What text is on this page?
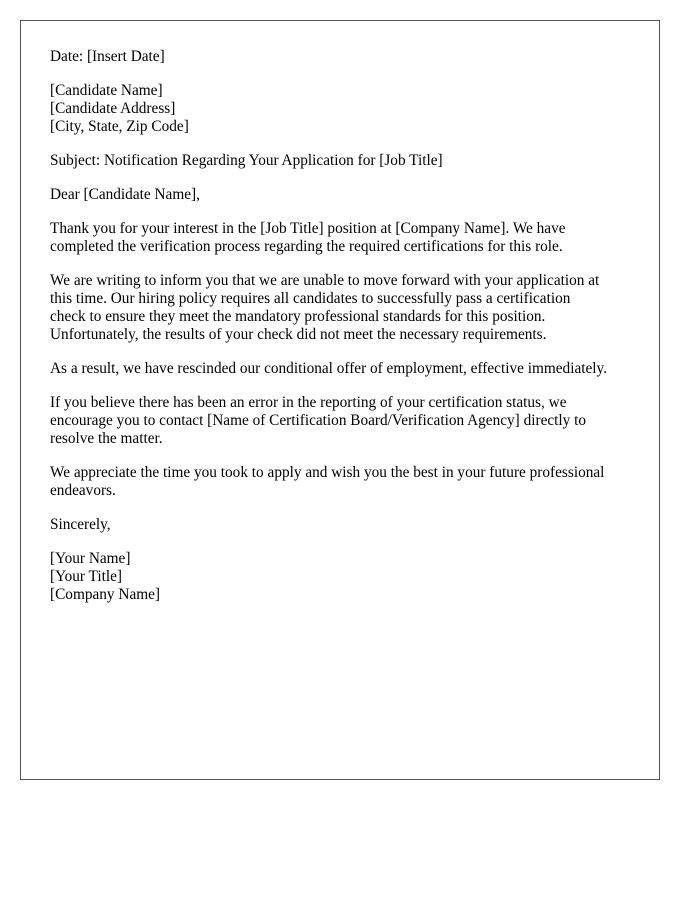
Date: [Insert Date]

[Candidate Name]

[Candidate Address]

[City, State, Zip Code]

Subject: Notification Regarding Your Application for [Job Title]

Dear [Candidate Name],

Thank you for your interest in the [Job Title] position at [Company Name]. We have

completed the verification process regarding the required certifications for this role.

We are writing to inform you that we are unable to move forward with your application at

this time. Our hiring policy requires all candidates to successfully pass a certification

check to ensure they meet the mandatory professional standards for this position.

Unfortunately, the results of your check did not meet the necessary requirements.

As a result, we have rescinded our conditional offer of employment, effective immediately.

If you believe there has been an error in the reporting of your certification status, we

encourage you to contact [Name of Certification Board/Verification Agency] directly to

resolve the matter.

We appreciate the time you took to apply and wish you the best in your future professional

endeavors.

Sincerely,

[Your Name]

[Your Title]

[Company Name]
